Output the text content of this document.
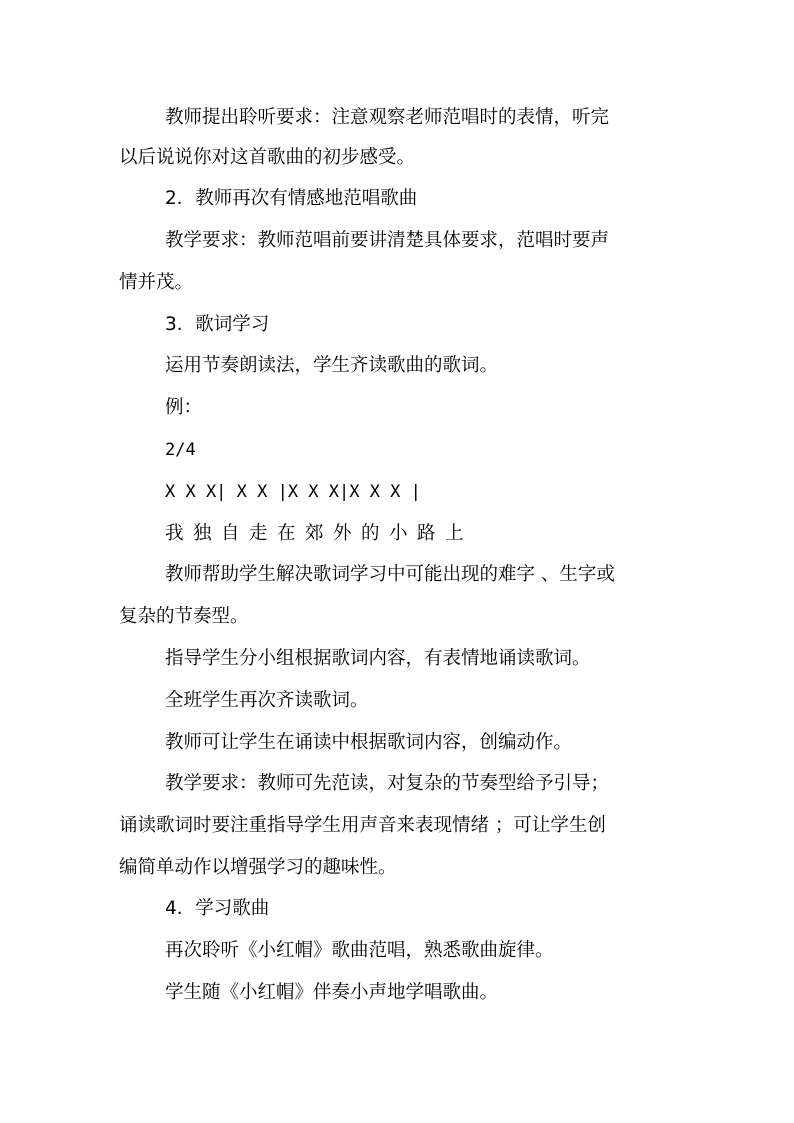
教师提出聆听要求：注意观察老师范唱时的表情，听完
以后说说你对这首歌曲的初步感受。
2．教师再次有情感地范唱歌曲
教学要求：教师范唱前要讲清楚具体要求，范唱时要声
情并茂。
3．歌词学习
运用节奏朗读法，学生齐读歌曲的歌词。
例：
2/4
X X X| X X |X X X|X X X |
我独自走在郊外的小路上
教师帮助学生解决歌词学习中可能出现的难字 、生字或
复杂的节奏型。
指导学生分小组根据歌词内容，有表情地诵读歌词。
全班学生再次齐读歌词。
教师可让学生在诵读中根据歌词内容，创编动作。
教学要求：教师可先范读，对复杂的节奏型给予引导；
诵读歌词时要注重指导学生用声音来表现情绪 ；可让学生创
编简单动作以增强学习的趣味性。
4．学习歌曲
再次聆听《小红帽》歌曲范唱，熟悉歌曲旋律。
学生随《小红帽》伴奏小声地学唱歌曲。
